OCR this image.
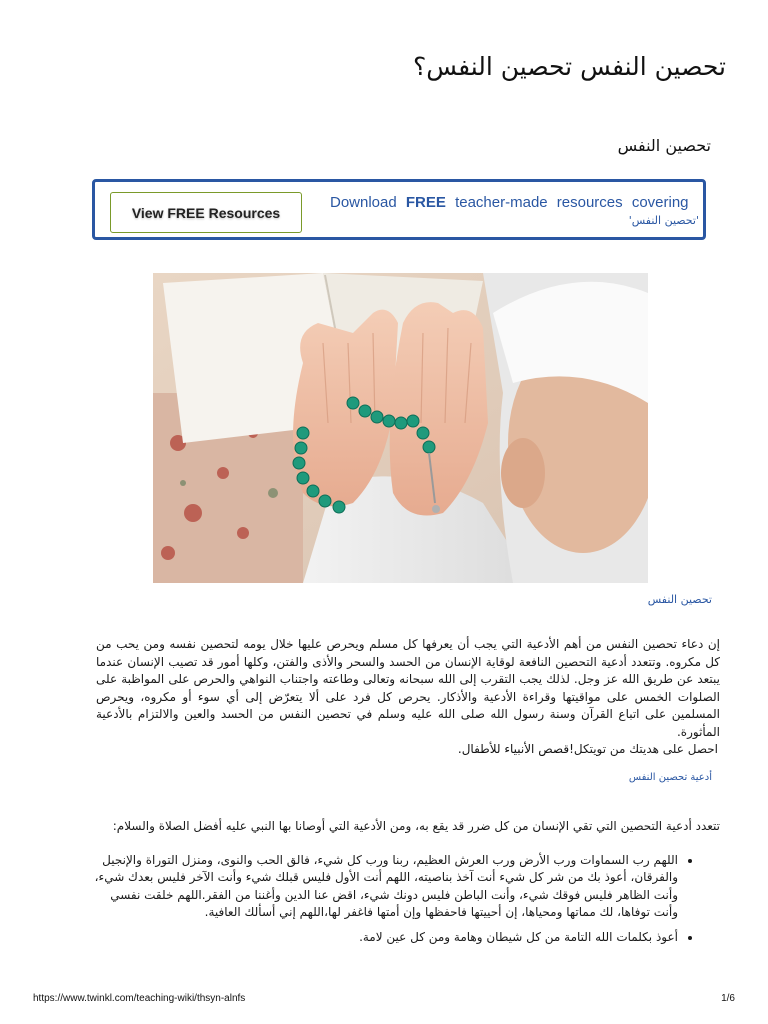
تحصين النفس تحصين النفس؟
تحصين النفس
View FREE Resources
Download FREE teacher-made resources covering
'تحصين النفس'
تحصين النفس

إن دعاء تحصين النفس من أهم الأدعية التي يجب أن يعرفها كل مسلم ويحرص عليها خلال يومه لتحصين نفسه ومن يحب من كل مكروه. وتتعدد أدعية التحصين النافعة لوقاية الإنسان من الحسد والسحر والأذى والفتن، وكلها أمور قد تصيب الإنسان عندما يبتعد عن طريق الله عز وجل. لذلك يجب التقرب إلى الله سبحانه وتعالى وطاعته واجتناب النواهي والحرص على المواظبة على الصلوات الخمس على مواقيتها وقراءة الأدعية والأذكار. يحرص كل فرد على ألا يتعرّض إلى أي سوء أو مكروه، ويحرص المسلمين على اتباع القرآن وسنة رسول الله صلى الله عليه وسلم في تحصين النفس من الحسد والعين والالتزام بالأدعية المأثورة.

احصل على هديتك من تويتكل!قصص الأنبياء للأطفال.

أدعية تحصين النفس

تتعدد أدعية التحصين التي تقي الإنسان من كل ضرر قد يقع به، ومن الأدعية التي أوصانا بها النبي عليه أفضل الصلاة والسلام:

• اللهم رب السماوات ورب الأرض ورب العرش العظيم، ربنا ورب كل شيء، فالق الحب والنوى، ومنزل التوراة والإنجيل والفرقان، أعوذ بك من شر كل شيء أنت آخذ بناصيته، اللهم أنت الأول فليس قبلك شيء وأنت الآخر فليس بعدك شيء، وأنت الظاهر فليس فوقك شيء، وأنت الباطن فليس دونك شيء، اقض عنا الدين وأغننا من الفقر.اللهم خلقت نفسي وأنت توفاها، لك مماتها ومحياها، إن أحييتها فاحفظها وإن أمتها فاغفر لها،اللهم إني أسألك العافية.
• أعوذ بكلمات الله التامة من كل شيطان وهامة ومن كل عين لامة.
https://www.twinkl.com/teaching-wiki/thsyn-alnfs	1/6
